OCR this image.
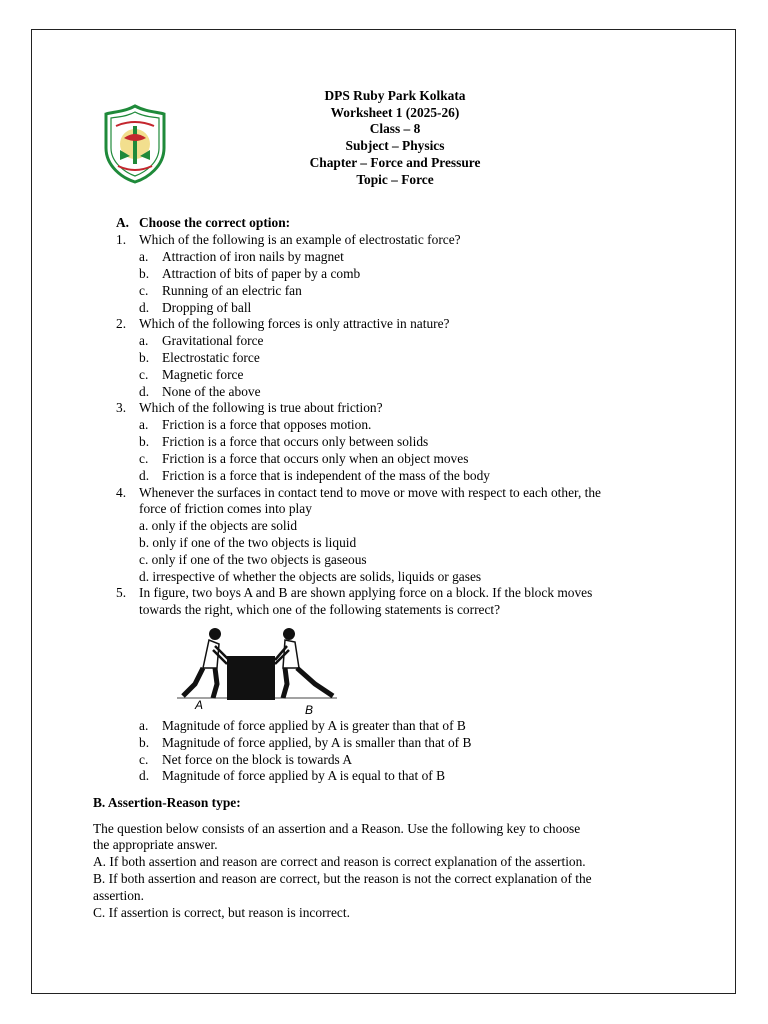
DPS Ruby Park Kolkata
Worksheet 1 (2025-26)
Class – 8
Subject – Physics
Chapter – Force and Pressure
Topic – Force
A. Choose the correct option:
1. Which of the following is an example of electrostatic force?
a. Attraction of iron nails by magnet
b. Attraction of bits of paper by a comb
c. Running of an electric fan
d. Dropping of ball
2. Which of the following forces is only attractive in nature?
a. Gravitational force
b. Electrostatic force
c. Magnetic force
d. None of the above
3. Which of the following is true about friction?
a. Friction is a force that opposes motion.
b. Friction is a force that occurs only between solids
c. Friction is a force that occurs only when an object moves
d. Friction is a force that is independent of the mass of the body
4. Whenever the surfaces in contact tend to move or move with respect to each other, the
force of friction comes into play
a. only if the objects are solid
b. only if one of the two objects is liquid
c. only if one of the two objects is gaseous
d. irrespective of whether the objects are solids, liquids or gases
5. In figure, two boys A and B are shown applying force on a block. If the block moves
towards the right, which one of the following statements is correct?
A	B
a. Magnitude of force applied by A is greater than that of B
b. Magnitude of force applied, by A is smaller than that of B
c. Net force on the block is towards A
d. Magnitude of force applied by A is equal to that of B
B. Assertion-Reason type:
The question below consists of an assertion and a Reason. Use the following key to choose
the appropriate answer.
A. If both assertion and reason are correct and reason is correct explanation of the assertion.
B. If both assertion and reason are correct, but the reason is not the correct explanation of the
assertion.
C. If assertion is correct, but reason is incorrect.
